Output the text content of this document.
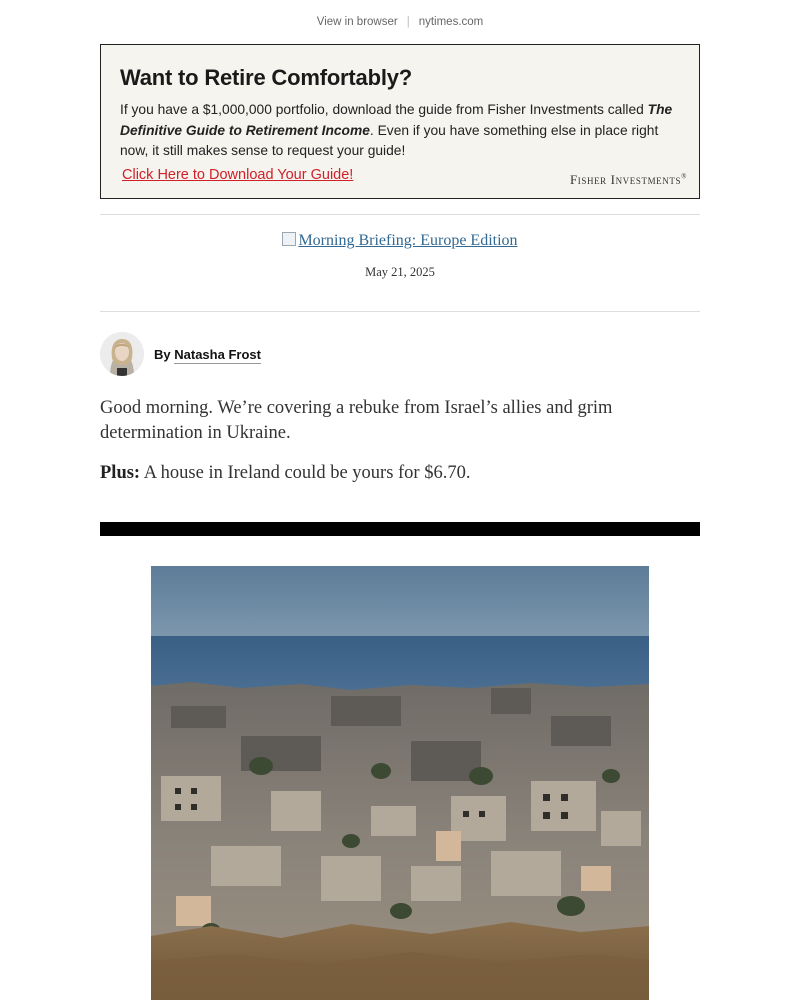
View in browser | nytimes.com
Want to Retire Comfortably?
If you have a $1,000,000 portfolio, download the guide from Fisher Investments called The Definitive Guide to Retirement Income. Even if you have something else in place right now, it still makes sense to request your guide!
Click Here to Download Your Guide!	Fisher Investments®
Morning Briefing: Europe Edition
May 21, 2025
By Natasha Frost
Good morning. We’re covering a rebuke from Israel’s allies and grim determination in Ukraine.
Plus: A house in Ireland could be yours for $6.70.
